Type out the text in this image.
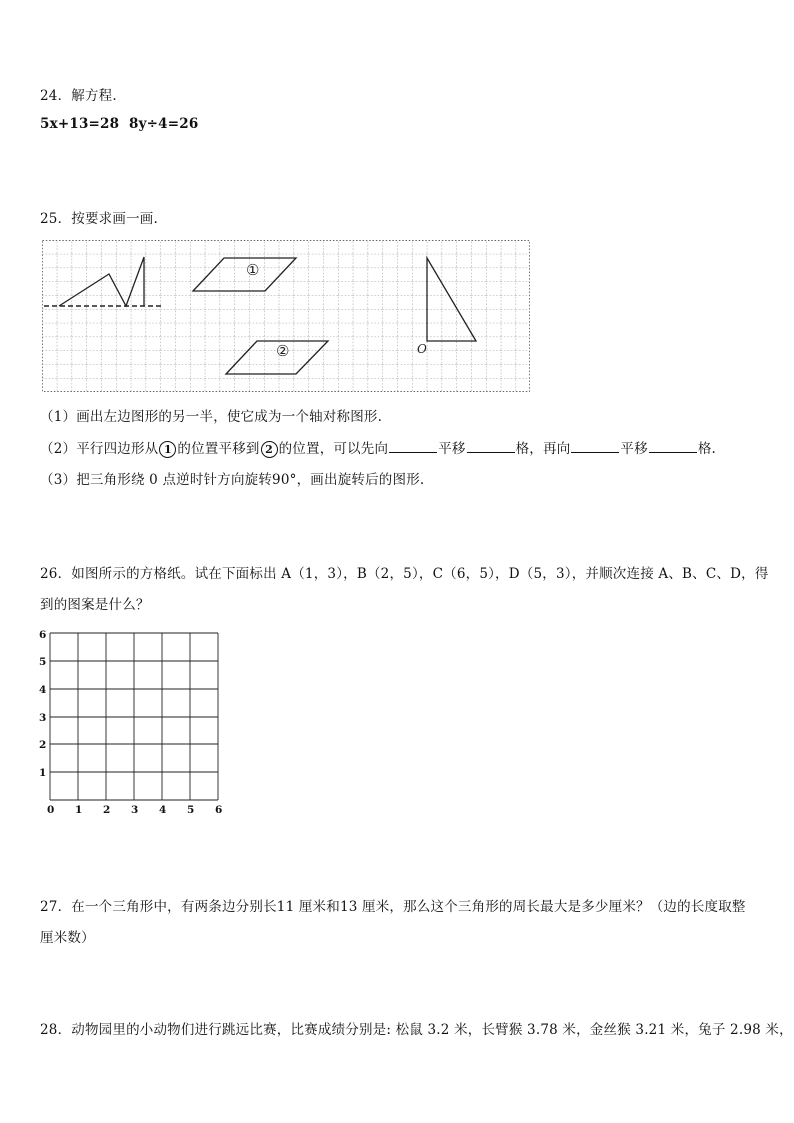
24．解方程.
5x+13=28 8y÷4=26
25．按要求画一画.
①
②	O
（1）画出左边图形的另一半，使它成为一个轴对称图形.
（2）平行四边形从 1 的位置平移到 2 的位置，可以先向	平移	格，再向	平移	格.
（3）把三角形绕 0 点逆时针方向旋转90°，画出旋转后的图形.
26．如图所示的方格纸。试在下面标出 A（1，3），B（2，5），C（6，5），D（5，3），并顺次连接 A、B、C、D，得
到的图案是什么？
0 1 2 3 4 5 6
1
2
3
4
5
6
27．在一个三角形中，有两条边分别长11 厘米和13 厘米，那么这个三角形的周长最大是多少厘米？（边的长度取整
厘米数）
28．动物园里的小动物们进行跳远比赛，比赛成绩分别是: 松鼠 3.2 米，长臂猴 3.78 米，金丝猴 3.21 米，兔子 2.98 米，
